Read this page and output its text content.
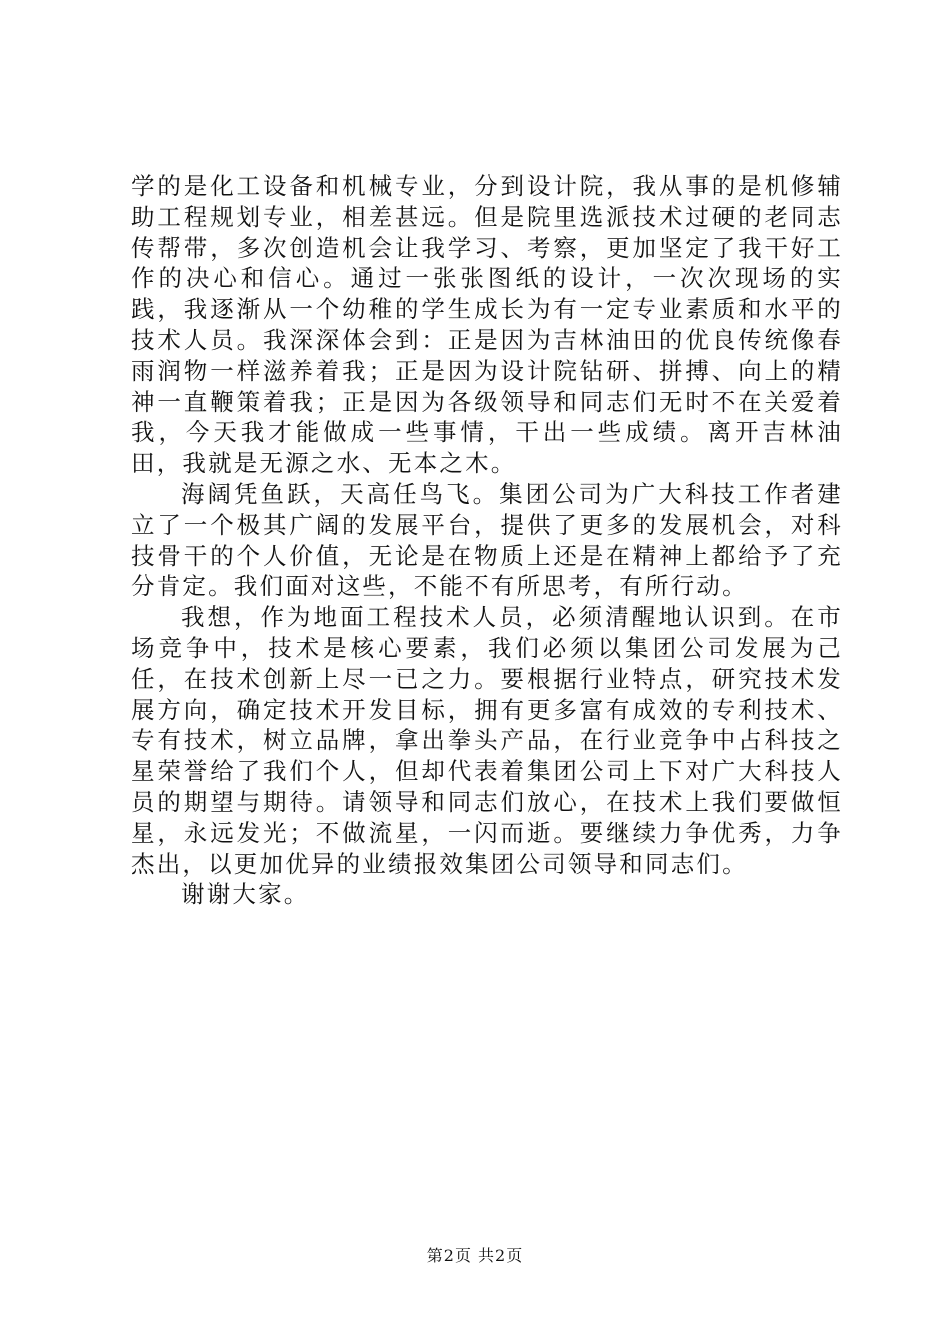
学的是化工设备和机械专业，分到设计院，我从事的是机修辅助工程规划专业，相差甚远。但是院里选派技术过硬的老同志传帮带，多次创造机会让我学习、考察，更加坚定了我干好工作的决心和信心。通过一张张图纸的设计，一次次现场的实践，我逐渐从一个幼稚的学生成长为有一定专业素质和水平的技术人员。我深深体会到：正是因为吉林油田的优良传统像春雨润物一样滋养着我；正是因为设计院钻研、拼搏、向上的精神一直鞭策着我；正是因为各级领导和同志们无时不在关爱着我，今天我才能做成一些事情，干出一些成绩。离开吉林油田，我就是无源之水、无本之木。

海阔凭鱼跃，天高任鸟飞。集团公司为广大科技工作者建立了一个极其广阔的发展平台，提供了更多的发展机会，对科技骨干的个人价值，无论是在物质上还是在精神上都给予了充分肯定。我们面对这些，不能不有所思考，有所行动。

我想，作为地面工程技术人员，必须清醒地认识到。在市场竞争中，技术是核心要素，我们必须以集团公司发展为己任，在技术创新上尽一已之力。要根据行业特点，研究技术发展方向，确定技术开发目标，拥有更多富有成效的专利技术、专有技术，树立品牌，拿出拳头产品，在行业竞争中占科技之星荣誉给了我们个人，但却代表着集团公司上下对广大科技人员的期望与期待。请领导和同志们放心，在技术上我们要做恒星，永远发光；不做流星，一闪而逝。要继续力争优秀，力争杰出，以更加优异的业绩报效集团公司领导和同志们。

谢谢大家。

第2页 共2页
